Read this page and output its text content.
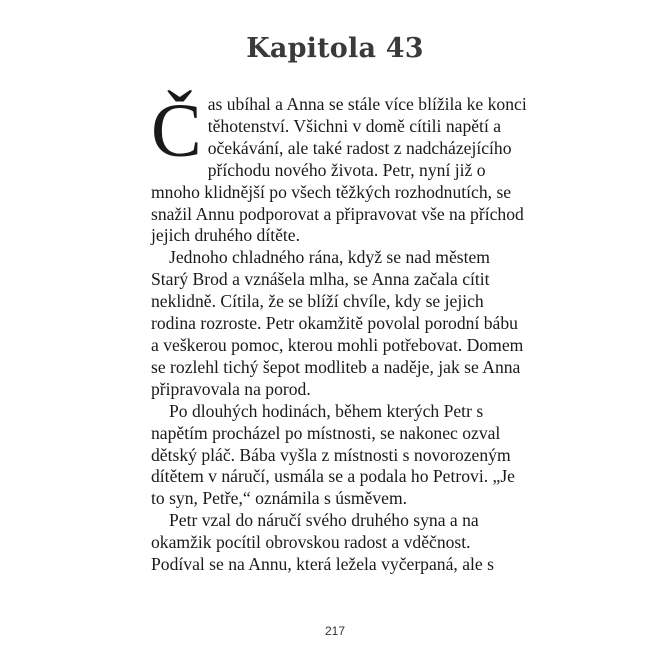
Kapitola 43

Čas ubíhal a Anna se stále více blížila ke konci těhotenství. Všichni v domě cítili napětí a očekávání, ale také radost z nadcházejícího příchodu nového života. Petr, nyní již o mnoho klidnější po všech těžkých rozhodnutích, se snažil Annu podporovat a připravovat vše na příchod jejich druhého dítěte.

Jednoho chladného rána, když se nad městem Starý Brod a vznášela mlha, se Anna začala cítit neklidně. Cítila, že se blíží chvíle, kdy se jejich rodina rozroste. Petr okamžitě povolal porodní bábu a veškerou pomoc, kterou mohli potřebovat. Domem se rozlehl tichý šepot modliteb a naděje, jak se Anna připravovala na porod.

Po dlouhých hodinách, během kterých Petr s napětím procházel po místnosti, se nakonec ozval dětský pláč. Bába vyšla z místnosti s novorozeným dítětem v náručí, usmála se a podala ho Petrovi. „Je to syn, Petře,“ oznámila s úsměvem.

Petr vzal do náručí svého druhého syna a na okamžik pocítil obrovskou radost a vděčnost. Podíval se na Annu, která ležela vyčerpaná, ale s

217
